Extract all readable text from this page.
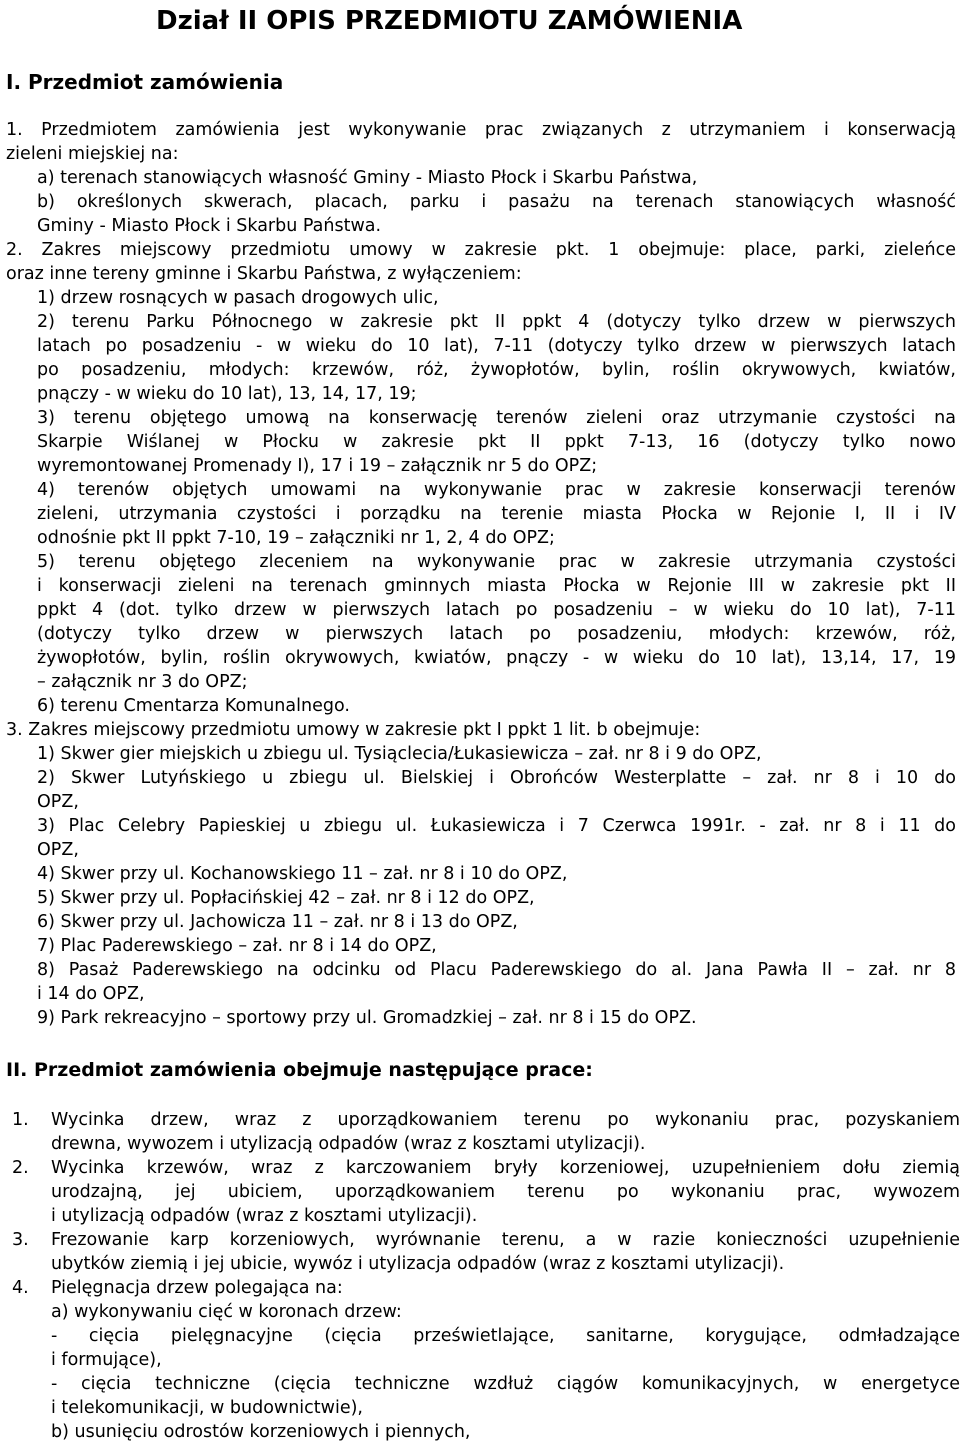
Dział II OPIS PRZEDMIOTU ZAMÓWIENIA
I. Przedmiot zamówienia
1. Przedmiotem zamówienia jest wykonywanie prac związanych z utrzymaniem i konserwacją
zieleni miejskiej na:
a) terenach stanowiących własność Gminy - Miasto Płock i Skarbu Państwa,
b) określonych skwerach, placach, parku i pasażu na terenach stanowiących własność
Gminy - Miasto Płock i Skarbu Państwa.
2. Zakres miejscowy przedmiotu umowy w zakresie pkt. 1 obejmuje: place, parki, zieleńce
oraz inne tereny gminne i Skarbu Państwa, z wyłączeniem:
1) drzew rosnących w pasach drogowych ulic,
2) terenu Parku Północnego w zakresie pkt II ppkt 4 (dotyczy tylko drzew w pierwszych
latach po posadzeniu - w wieku do 10 lat), 7-11 (dotyczy tylko drzew w pierwszych latach
po posadzeniu, młodych: krzewów, róż, żywopłotów, bylin, roślin okrywowych, kwiatów,
pnączy - w wieku do 10 lat), 13, 14, 17, 19;
3) terenu objętego umową na konserwację terenów zieleni oraz utrzymanie czystości na
Skarpie Wiślanej w Płocku w zakresie pkt II ppkt 7-13, 16 (dotyczy tylko nowo
wyremontowanej Promenady I), 17 i 19 – załącznik nr 5 do OPZ;
4) terenów objętych umowami na wykonywanie prac w zakresie konserwacji terenów
zieleni, utrzymania czystości i porządku na terenie miasta Płocka w Rejonie I, II i IV
odnośnie pkt II ppkt 7-10, 19 – załączniki nr 1, 2, 4 do OPZ;
5) terenu objętego zleceniem na wykonywanie prac w zakresie utrzymania czystości
i konserwacji zieleni na terenach gminnych miasta Płocka w Rejonie III w zakresie pkt II
ppkt 4 (dot. tylko drzew w pierwszych latach po posadzeniu – w wieku do 10 lat), 7-11
(dotyczy tylko drzew w pierwszych latach po posadzeniu, młodych: krzewów, róż,
żywopłotów, bylin, roślin okrywowych, kwiatów, pnączy - w wieku do 10 lat), 13,14, 17, 19
– załącznik nr 3 do OPZ;
6) terenu Cmentarza Komunalnego.
3. Zakres miejscowy przedmiotu umowy w zakresie pkt I ppkt 1 lit. b obejmuje:
1) Skwer gier miejskich u zbiegu ul. Tysiąclecia/Łukasiewicza – zał. nr 8 i 9 do OPZ,
2) Skwer Lutyńskiego u zbiegu ul. Bielskiej i Obrońców Westerplatte – zał. nr 8 i 10 do
OPZ,
3) Plac Celebry Papieskiej u zbiegu ul. Łukasiewicza i 7 Czerwca 1991r. - zał. nr 8 i 11 do
OPZ,
4) Skwer przy ul. Kochanowskiego 11 – zał. nr 8 i 10 do OPZ,
5) Skwer przy ul. Popłacińskiej 42 – zał. nr 8 i 12 do OPZ,
6) Skwer przy ul. Jachowicza 11 – zał. nr 8 i 13 do OPZ,
7) Plac Paderewskiego – zał. nr 8 i 14 do OPZ,
8) Pasaż Paderewskiego na odcinku od Placu Paderewskiego do al. Jana Pawła II – zał. nr 8
i 14 do OPZ,
9) Park rekreacyjno – sportowy przy ul. Gromadzkiej – zał. nr 8 i 15 do OPZ.
II. Przedmiot zamówienia obejmuje następujące prace:
1. Wycinka drzew, wraz z uporządkowaniem terenu po wykonaniu prac, pozyskaniem
drewna, wywozem i utylizacją odpadów (wraz z kosztami utylizacji).
2. Wycinka krzewów, wraz z karczowaniem bryły korzeniowej, uzupełnieniem dołu ziemią
urodzajną, jej ubiciem, uporządkowaniem terenu po wykonaniu prac, wywozem
i utylizacją odpadów (wraz z kosztami utylizacji).
3. Frezowanie karp korzeniowych, wyrównanie terenu, a w razie konieczności uzupełnienie
ubytków ziemią i jej ubicie, wywóz i utylizacja odpadów (wraz z kosztami utylizacji).
4. Pielęgnacja drzew polegająca na:
a) wykonywaniu cięć w koronach drzew:
- cięcia pielęgnacyjne (cięcia prześwietlające, sanitarne, korygujące, odmładzające
i formujące),
- cięcia techniczne (cięcia techniczne wzdłuż ciągów komunikacyjnych, w energetyce
i telekomunikacji, w budownictwie),
b) usunięciu odrostów korzeniowych i piennych,
